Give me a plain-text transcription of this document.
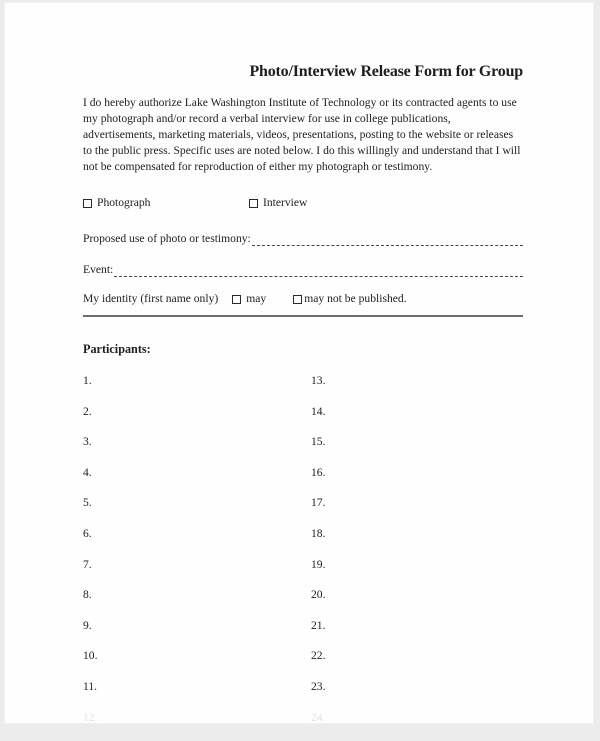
Photo/Interview Release Form for Group
I do hereby authorize Lake Washington Institute of Technology or its contracted agents to use my photograph and/or record a verbal interview for use in college publications, advertisements, marketing materials, videos, presentations, posting to the website or releases to the public press. Specific uses are noted below. I do this willingly and understand that I will not be compensated for reproduction of either my photograph or testimony.
Photograph	Interview
Proposed use of photo or testimony:
Event:
My identity (first name only) may	may not be published.
Participants:
1.	13.
2.	14.
3.	15.
4.	16.
5.	17.
6.	18.
7.	19.
8.	20.
9.	21.
10.	22.
11.	23.
12.	24.
